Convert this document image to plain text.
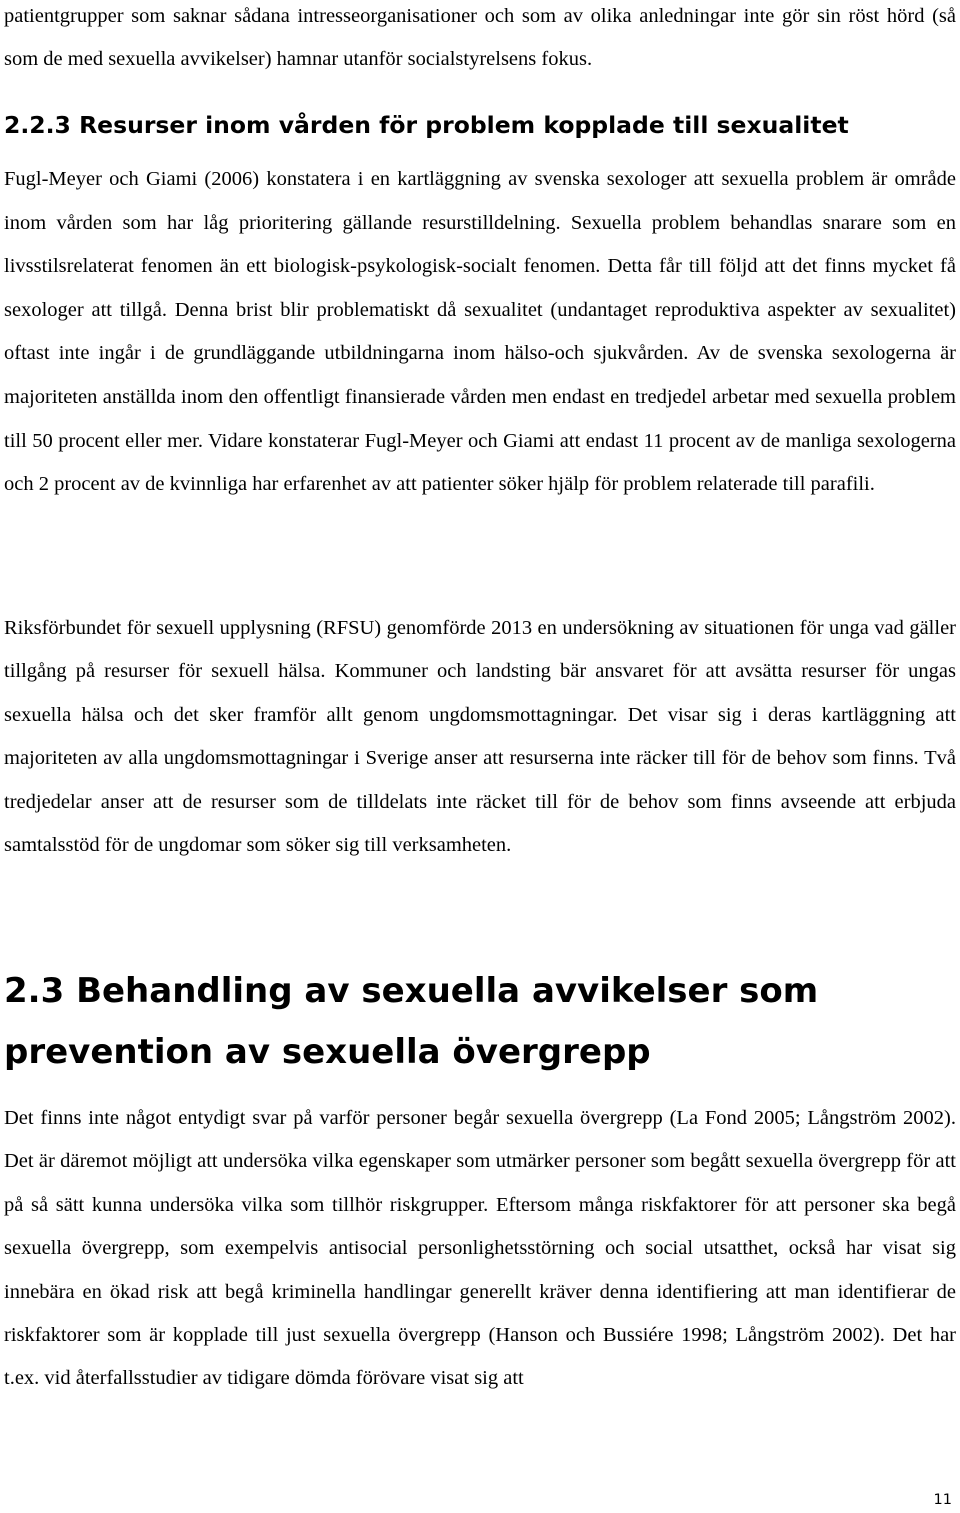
patientgrupper som saknar sådana intresseorganisationer och som av olika anledningar inte gör sin röst hörd (så som de med sexuella avvikelser) hamnar utanför socialstyrelsens fokus.

2.2.3 Resurser inom vården för problem kopplade till sexualitet

Fugl-Meyer och Giami (2006) konstatera i en kartläggning av svenska sexologer att sexuella problem är område inom vården som har låg prioritering gällande resurstilldelning. Sexuella problem behandlas snarare som en livsstilsrelaterat fenomen än ett biologisk-psykologisk-socialt fenomen. Detta får till följd att det finns mycket få sexologer att tillgå. Denna brist blir problematiskt då sexualitet (undantaget reproduktiva aspekter av sexualitet) oftast inte ingår i de grundläggande utbildningarna inom hälso-och sjukvården. Av de svenska sexologerna är majoriteten anställda inom den offentligt finansierade vården men endast en tredjedel arbetar med sexuella problem till 50 procent eller mer. Vidare konstaterar Fugl-Meyer och Giami att endast 11 procent av de manliga sexologerna och 2 procent av de kvinnliga har erfarenhet av att patienter söker hjälp för problem relaterade till parafili.

Riksförbundet för sexuell upplysning (RFSU) genomförde 2013 en undersökning av situationen för unga vad gäller tillgång på resurser för sexuell hälsa. Kommuner och landsting bär ansvaret för att avsätta resurser för ungas sexuella hälsa och det sker framför allt genom ungdomsmottagningar. Det visar sig i deras kartläggning att majoriteten av alla ungdomsmottagningar i Sverige anser att resurserna inte räcker till för de behov som finns. Två tredjedelar anser att de resurser som de tilldelats inte räcket till för de behov som finns avseende att erbjuda samtalsstöd för de ungdomar som söker sig till verksamheten.

2.3 Behandling av sexuella avvikelser som prevention av sexuella övergrepp

Det finns inte något entydigt svar på varför personer begår sexuella övergrepp (La Fond 2005; Långström 2002). Det är däremot möjligt att undersöka vilka egenskaper som utmärker personer som begått sexuella övergrepp för att på så sätt kunna undersöka vilka som tillhör riskgrupper. Eftersom många riskfaktorer för att personer ska begå sexuella övergrepp, som exempelvis antisocial personlighetsstörning och social utsatthet, också har visat sig innebära en ökad risk att begå kriminella handlingar generellt kräver denna identifiering att man identifierar de riskfaktorer som är kopplade till just sexuella övergrepp (Hanson och Bussiére 1998; Långström 2002). Det har t.ex. vid återfallsstudier av tidigare dömda förövare visat sig att

11
